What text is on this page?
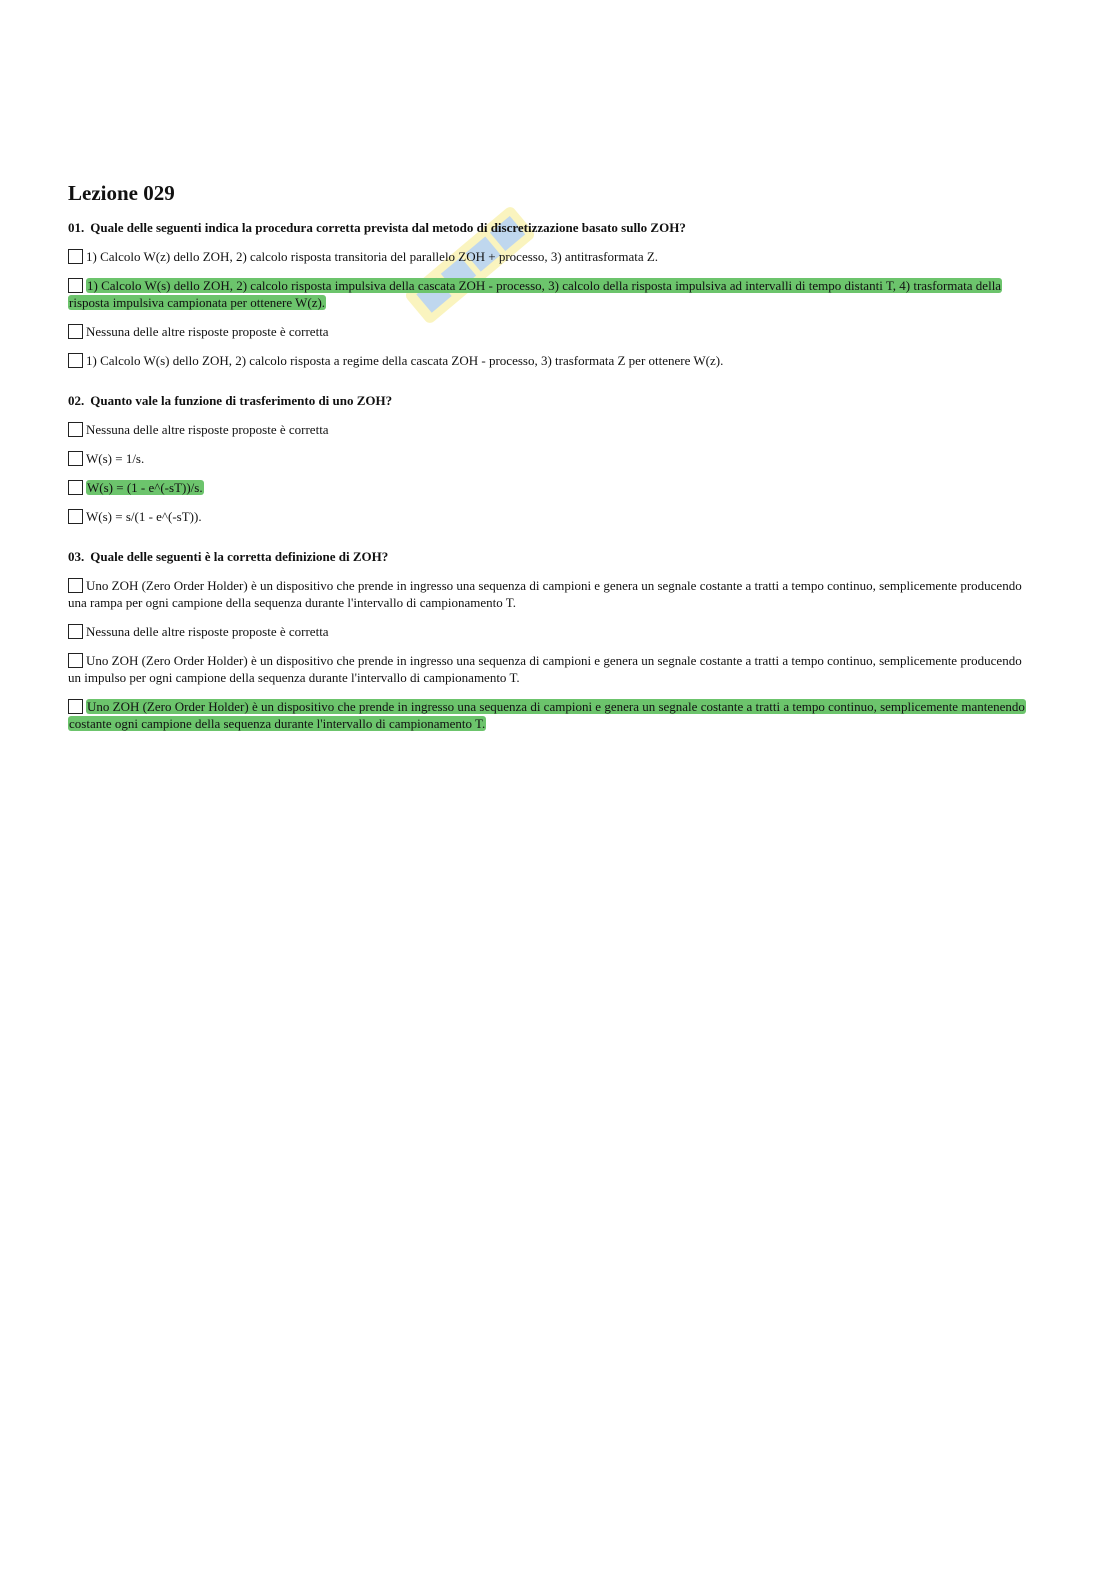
Lezione 029
01. Quale delle seguenti indica la procedura corretta prevista dal metodo di discretizzazione basato sullo ZOH?
1) Calcolo W(z) dello ZOH, 2) calcolo risposta transitoria del parallelo ZOH + processo, 3) antitrasformata Z.
1) Calcolo W(s) dello ZOH, 2) calcolo risposta impulsiva della cascata ZOH - processo, 3) calcolo della risposta impulsiva ad intervalli di tempo distanti T, 4) trasformata della risposta impulsiva campionata per ottenere W(z).
Nessuna delle altre risposte proposte è corretta
1) Calcolo W(s) dello ZOH, 2) calcolo risposta a regime della cascata ZOH - processo, 3) trasformata Z per ottenere W(z).
02. Quanto vale la funzione di trasferimento di uno ZOH?
Nessuna delle altre risposte proposte è corretta
W(s) = 1/s.
W(s) = (1 - e^(-sT))/s.
W(s) = s/(1 - e^(-sT)).
03. Quale delle seguenti è la corretta definizione di ZOH?
Uno ZOH (Zero Order Holder) è un dispositivo che prende in ingresso una sequenza di campioni e genera un segnale costante a tratti a tempo continuo, semplicemente producendo una rampa per ogni campione della sequenza durante l'intervallo di campionamento T.
Nessuna delle altre risposte proposte è corretta
Uno ZOH (Zero Order Holder) è un dispositivo che prende in ingresso una sequenza di campioni e genera un segnale costante a tratti a tempo continuo, semplicemente producendo un impulso per ogni campione della sequenza durante l'intervallo di campionamento T.
Uno ZOH (Zero Order Holder) è un dispositivo che prende in ingresso una sequenza di campioni e genera un segnale costante a tratti a tempo continuo, semplicemente mantenendo costante ogni campione della sequenza durante l'intervallo di campionamento T.
